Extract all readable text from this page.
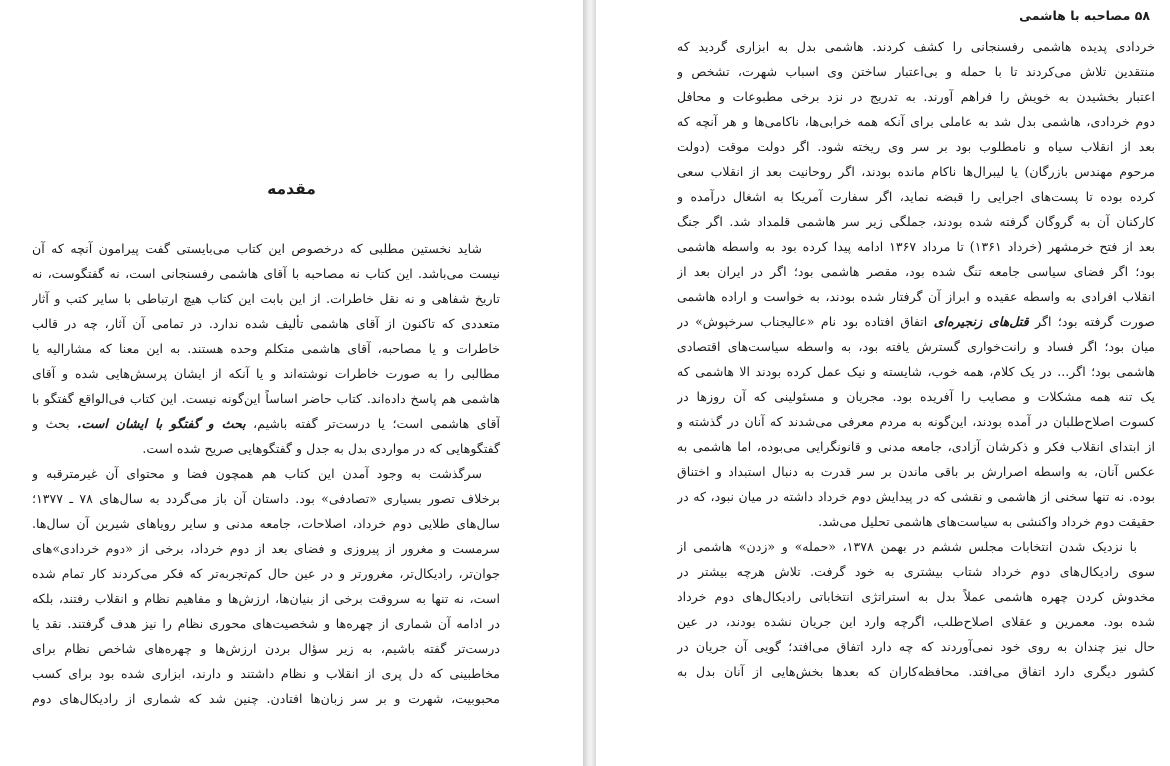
مقدمه
شاید نخستین مطلبی که درخصوص این کتاب می‌بایستی گفت پیرامون آنچه که آن
نیست می‌باشد. این کتاب نه مصاحبه با آقای هاشمی رفسنجانی است، نه گفتگوست، نه
تاریخ شفاهی و نه نقل خاطرات. از این بابت این کتاب هیچ ارتباطی با سایر کتب و آثار
متعددی که تاکنون از آقای هاشمی تألیف شده ندارد. در تمامی آن آثار، چه در قالب
خاطرات و یا مصاحبه، آقای هاشمی متکلم وحده هستند. به این معنا که مشارالیه یا
مطالبی را به صورت خاطرات نوشته‌اند و یا آنکه از ایشان پرسش‌هایی شده و آقای
هاشمی هم پاسخ داده‌اند. کتاب حاضر اساساً این‌گونه نیست. این کتاب فی‌الواقع گفتگو با
آقای هاشمی است؛ یا درست‌تر گفته باشیم، بحث و گفتگو با ایشان است. بحث و
گفتگوهایی که در مواردی بدل به جدل و گفتگوهایی صریح شده است.
سرگذشت به وجود آمدن این کتاب هم همچون فضا و محتوای آن غیرمترقبه و
برخلاف تصور بسیاری «تصادفی» بود. داستان آن باز می‌گردد به سال‌های ۷۸ ـ ۱۳۷۷؛
سال‌های طلایی دوم خرداد، اصلاحات، جامعه مدنی و سایر رویاهای شیرین آن سال‌ها.
سرمست و مغرور از پیروزی و فضای بعد از دوم خرداد، برخی از «دوم خردادی»های
جوان‌تر، رادیکال‌تر، مغرورتر و در عین حال کم‌تجربه‌تر که فکر می‌کردند کار تمام شده
است، نه تنها به سروقت برخی از بنیان‌ها، ارزش‌ها و مفاهیم نظام و انقلاب رفتند، بلکه
در ادامه آن شماری از چهره‌ها و شخصیت‌های محوری نظام را نیز هدف گرفتند. نقد یا
درست‌تر گفته باشیم، به زیر سؤال بردن ارزش‌ها و چهره‌های شاخص نظام برای
مخاطبینی که دل پری از انقلاب و نظام داشتند و دارند، ابزاری شده بود برای کسب
محبوبیت، شهرت و بر سر زبان‌ها افتادن. چنین شد که شماری از رادیکال‌های دوم
۵۸ مصاحبه با هاشمی
خردادی پدیده هاشمی رفسنجانی را کشف کردند. هاشمی بدل به ابزاری گردید که
منتقدین تلاش می‌کردند تا با حمله و بی‌اعتبار ساختن وی اسباب شهرت، تشخص و
اعتبار بخشیدن به خویش را فراهم آورند. به تدریج در نزد برخی مطبوعات و محافل
دوم خردادی، هاشمی بدل شد به عاملی برای آنکه همه خرابی‌ها، ناکامی‌ها و هر آنچه که
بعد از انقلاب سیاه و نامطلوب بود بر سر وی ریخته شود. اگر دولت موقت (دولت
مرحوم مهندس بازرگان) یا لیبرال‌ها ناکام مانده بودند، اگر روحانیت بعد از انقلاب سعی
کرده بوده تا پست‌های اجرایی را قبضه نماید، اگر سفارت آمریکا به اشغال درآمده و
کارکنان آن به گروگان گرفته شده بودند، جملگی زیر سر هاشمی قلمداد شد. اگر جنگ
بعد از فتح خرمشهر (خرداد ۱۳۶۱) تا مرداد ۱۳۶۷ ادامه پیدا کرده بود به واسطه هاشمی
بود؛ اگر فضای سیاسی جامعه تنگ شده بود، مقصر هاشمی بود؛ اگر در ایران بعد از
انقلاب افرادی به واسطه عقیده و ابراز آن گرفتار شده بودند، به خواست و اراده هاشمی
صورت گرفته بود؛ اگر قتل‌های زنجیره‌ای اتفاق افتاده بود نام «عالیجناب سرخپوش» در
میان بود؛ اگر فساد و رانت‌خواری گسترش یافته بود، به واسطه سیاست‌های اقتصادی
هاشمی بود؛ اگر... در یک کلام، همه خوب، شایسته و نیک عمل کرده بودند الا هاشمی که
یک تنه همه مشکلات و مصایب را آفریده بود. مجریان و مسئولینی که آن روزها در
کسوت اصلاح‌طلبان در آمده بودند، این‌گونه به مردم معرفی می‌شدند که آنان در گذشته و
از ابتدای انقلاب فکر و ذکرشان آزادی، جامعه مدنی و قانونگرایی می‌بوده، اما هاشمی به
عکس آنان، به واسطه اصرارش بر باقی ماندن بر سر قدرت به دنبال استبداد و اختناق
بوده. نه تنها سخنی از هاشمی و نقشی که در پیدایش دوم خرداد داشته در میان نبود، که در
حقیقت دوم خرداد واکنشی به سیاست‌های هاشمی تحلیل می‌شد.
با نزدیک شدن انتخابات مجلس ششم در بهمن ۱۳۷۸، «حمله» و «زدن» هاشمی از
سوی رادیکال‌های دوم خرداد شتاب بیشتری به خود گرفت. تلاش هرچه بیشتر در
مخدوش کردن چهره هاشمی عملاً بدل به استراتژی انتخاباتی رادیکال‌های دوم خرداد
شده بود. معمرین و عقلای اصلاح‌طلب، اگرچه وارد این جریان نشده بودند، در عین
حال نیز چندان به روی خود نمی‌آوردند که چه دارد اتفاق می‌افتد؛ گویی آن جریان در
کشور دیگری دارد اتفاق می‌افتد. محافظه‌کاران که بعدها بخش‌هایی از آنان بدل به
